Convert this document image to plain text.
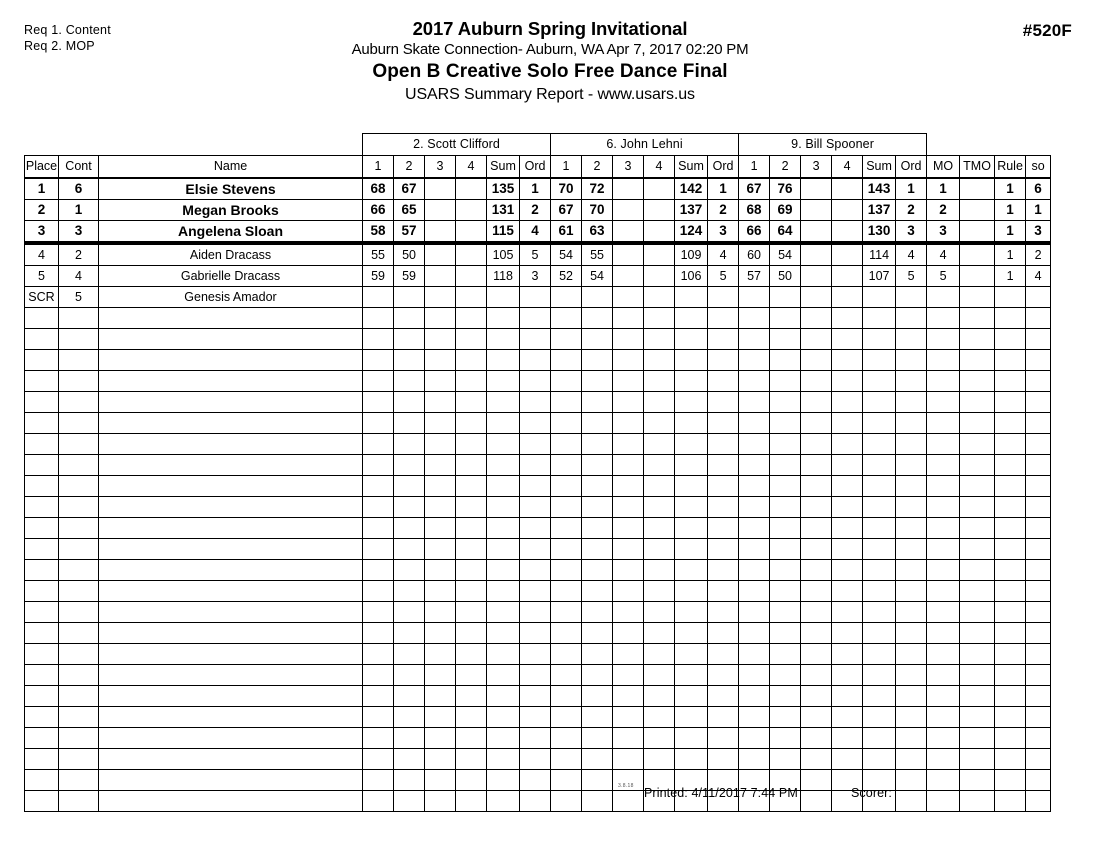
Req 1. Content
Req 2. MOP
#520F
2017 Auburn Spring Invitational
Auburn Skate Connection- Auburn, WA Apr 7, 2017 02:20 PM
Open B Creative Solo Free Dance Final
USARS Summary Report - www.usars.us
			2. Scott Clifford						6. John Lehni						9. Bill Spooner									
Place	Cont	Name	1	2	3	4	Sum	Ord	1	2	3	4	Sum	Ord	1	2	3	4	Sum	Ord	MO	TMO	Rule	so
1	6	Elsie Stevens	68	67			135	1	70	72			142	1	67	76			143	1	1		1	6
2	1	Megan Brooks	66	65			131	2	67	70			137	2	68	69			137	2	2		1	1
3	3	Angelena Sloan	58	57			115	4	61	63			124	3	66	64			130	3	3		1	3
4	2	Aiden Dracass	55	50			105	5	54	55			109	4	60	54			114	4	4		1	2
5	4	Gabrielle Dracass	59	59			118	3	52	54			106	5	57	50			107	5	5		1	4
SCR	5	Genesis Amador																						

3.8.18 Printed: 4/11/2017 7:44 PM	Scorer:
